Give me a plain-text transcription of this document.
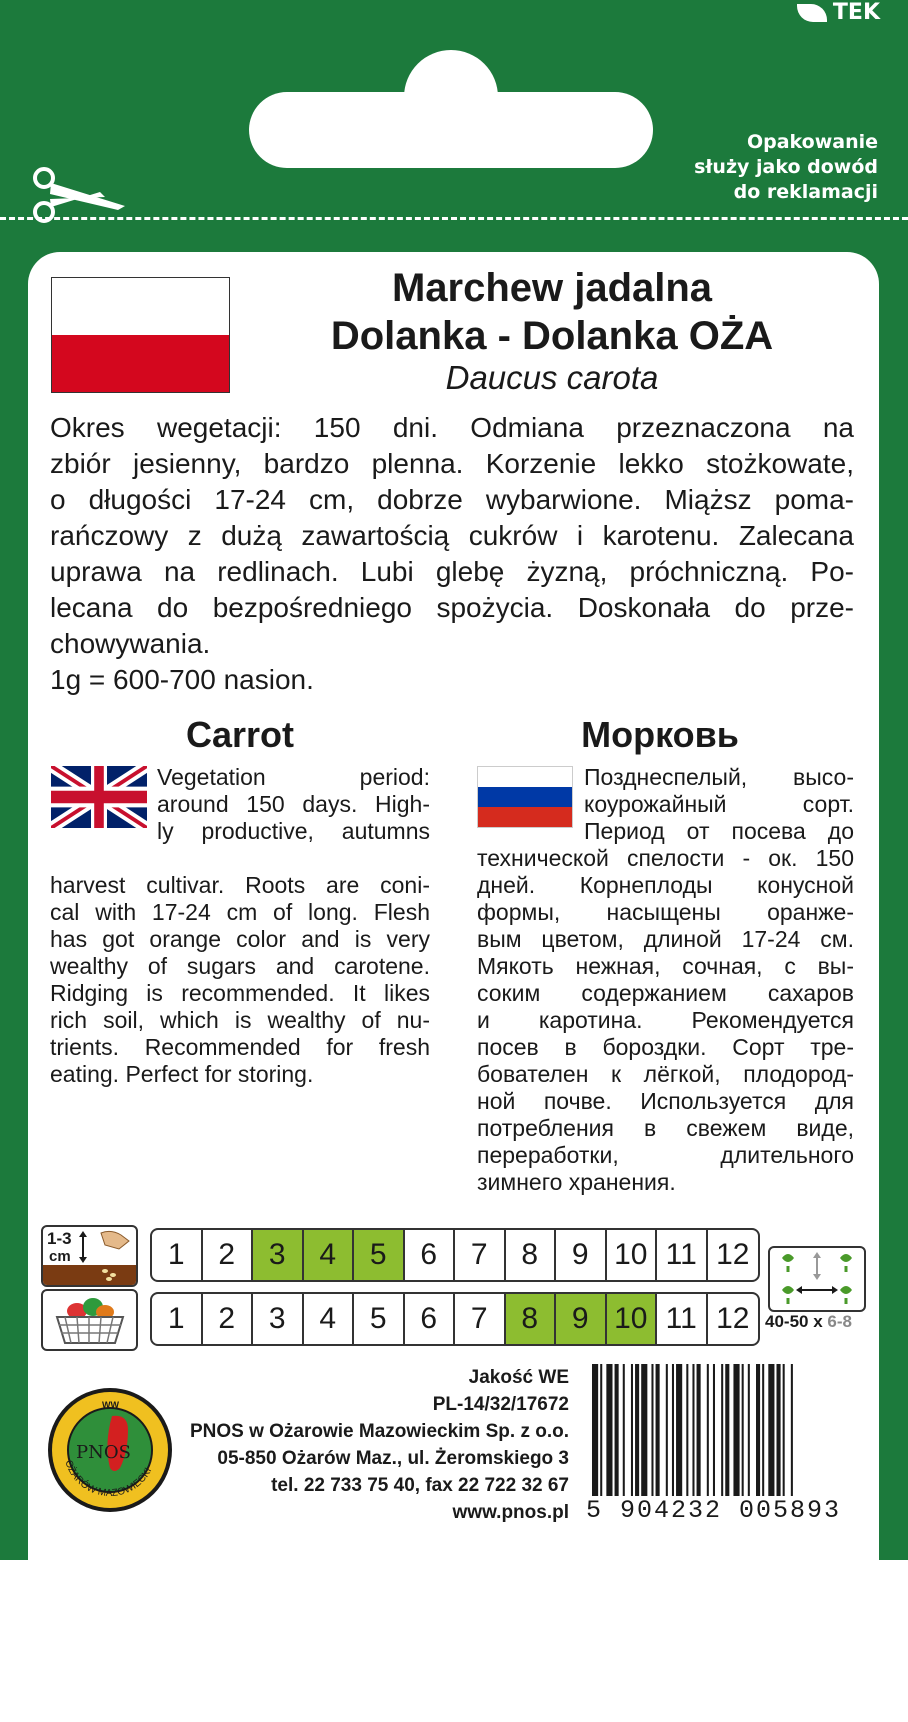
TEK
Opakowanie
służy jako dowód
do reklamacji
Marchew jadalna
Dolanka - Dolanka OŻA
Daucus carota
Okres wegetacji: 150 dni. Odmiana przeznaczona na
zbiór jesienny, bardzo plenna. Korzenie lekko stożkowate,
o długości 17-24 cm, dobrze wybarwione. Miąższ poma-
rańczowy z dużą zawartością cukrów i karotenu. Zalecana
uprawa na redlinach. Lubi glebę żyzną, próchniczną. Po-
lecana do bezpośredniego spożycia. Doskonała do prze-
chowywania.
1g = 600-700 nasion.
Carrot	Морковь
Vegetation period:
around 150 days. High-
ly productive, autumns
harvest cultivar. Roots are coni-
cal with 17-24 cm of long. Flesh
has got orange color and is very
wealthy of sugars and carotene.
Ridging is recommended. It likes
rich soil, which is wealthy of nu-
trients. Recommended for fresh
eating. Perfect for storing.
Позднеспелый, высо-
коурожайный сорт.
Период от посева до
технической спелости - ок. 150
дней. Корнеплоды конусной
формы, насыщены оранже-
вым цветом, длиной 17-24 см.
Мякоть нежная, сочная, с вы-
соким содержанием сахаров
и каротина. Рекомендуется
посев в бороздки. Сорт тре-
бователен к лёгкой, плодород-
ной почве. Используется для
потребления в свежем виде,
переработки, длительного
зимнего хранения.
1-3
cm	1	2	3	4	5	6	7	8	9 10 11 12
1	2	3	4	5	6	7	8	9 10 11 12 40-50 x 6-8
PNOS
WW
OŻARÓW MAZOWIECKI
Jakość WE
PL-14/32/17672
PNOS w Ożarowie Mazowieckim Sp. z o.o.
05-850 Ożarów Maz., ul. Żeromskiego 3
tel. 22 733 75 40, fax 22 722 32 67
www.pnos.pl 5 904232 005893
